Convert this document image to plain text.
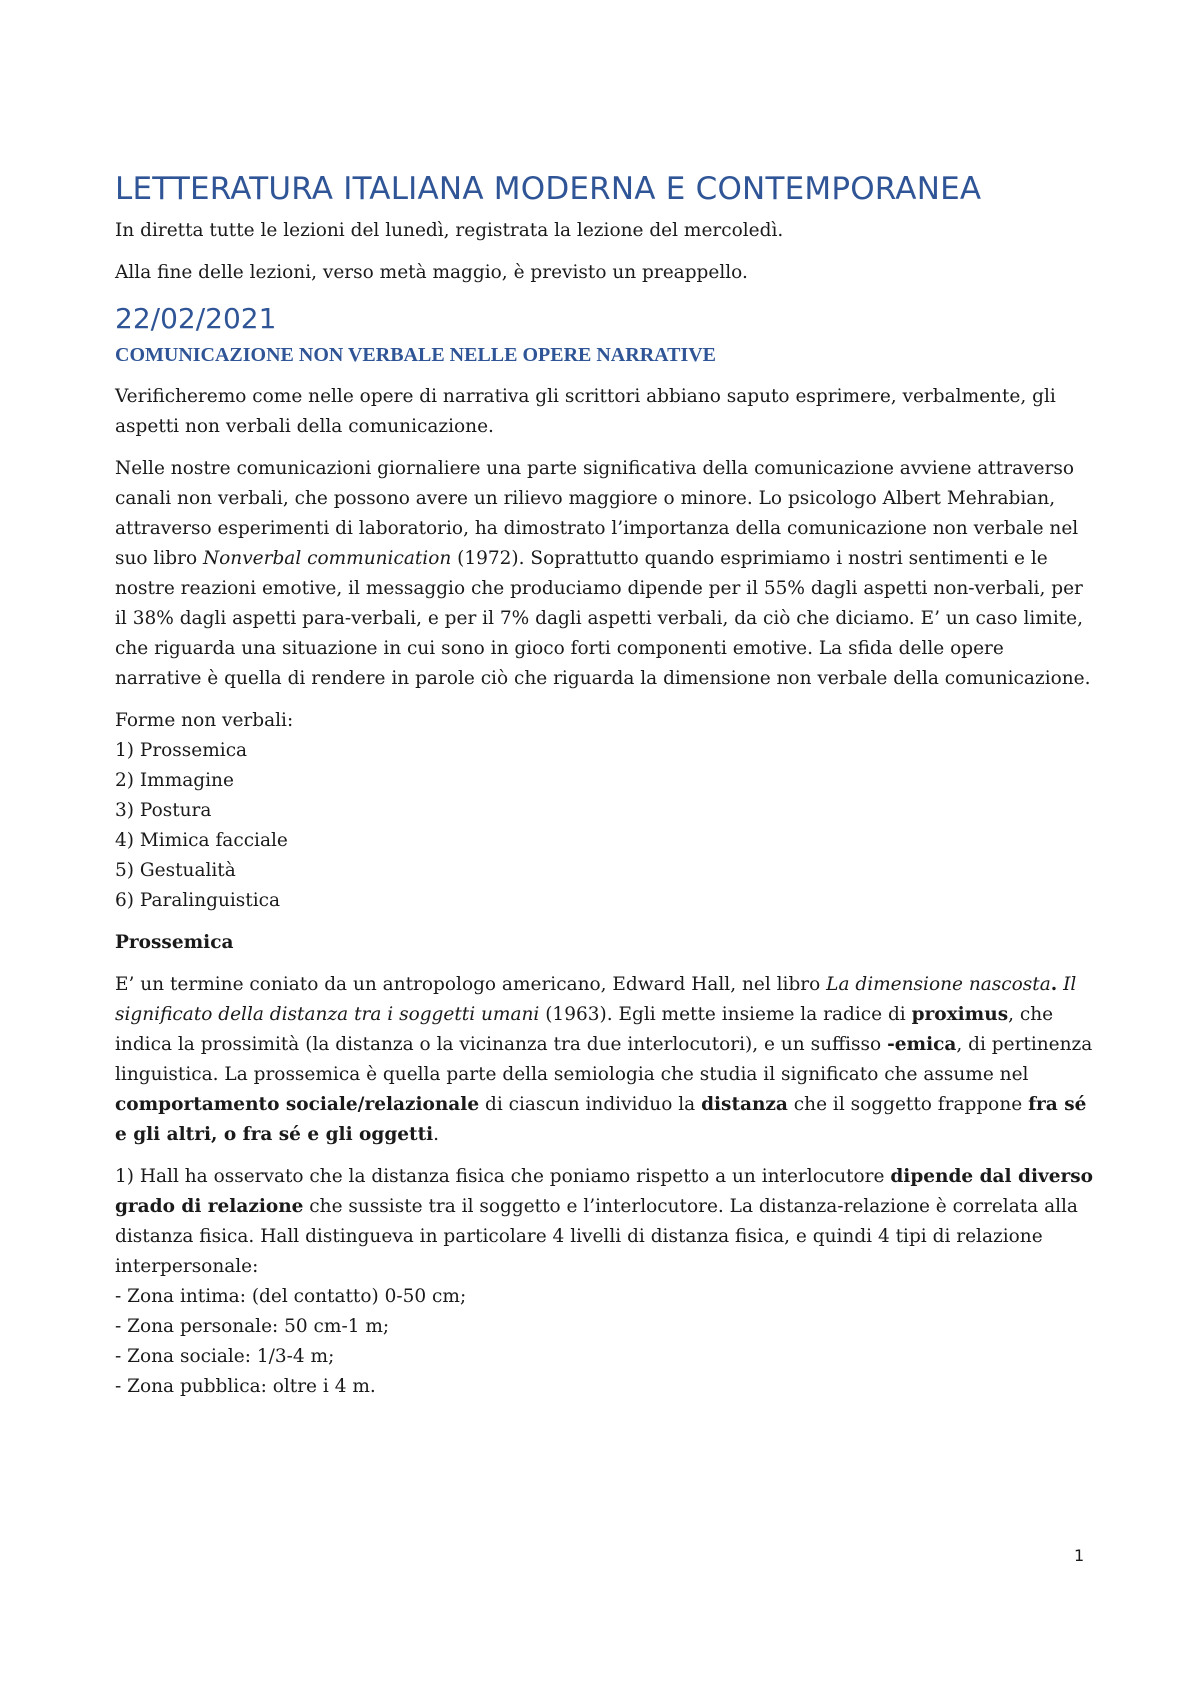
LETTERATURA ITALIANA MODERNA E CONTEMPORANEA

In diretta tutte le lezioni del lunedì, registrata la lezione del mercoledì.

Alla fine delle lezioni, verso metà maggio, è previsto un preappello.

22/02/2021
COMUNICAZIONE NON VERBALE NELLE OPERE NARRATIVE

Verificheremo come nelle opere di narrativa gli scrittori abbiano saputo esprimere, verbalmente, gli aspetti non verbali della comunicazione.

Nelle nostre comunicazioni giornaliere una parte significativa della comunicazione avviene attraverso canali non verbali, che possono avere un rilievo maggiore o minore. Lo psicologo Albert Mehrabian, attraverso esperimenti di laboratorio, ha dimostrato l’importanza della comunicazione non verbale nel suo libro Nonverbal communication (1972). Soprattutto quando esprimiamo i nostri sentimenti e le nostre reazioni emotive, il messaggio che produciamo dipende per il 55% dagli aspetti non-verbali, per il 38% dagli aspetti para-verbali, e per il 7% dagli aspetti verbali, da ciò che diciamo. E’ un caso limite, che riguarda una situazione in cui sono in gioco forti componenti emotive. La sfida delle opere narrative è quella di rendere in parole ciò che riguarda la dimensione non verbale della comunicazione.

Forme non verbali:
1) Prossemica
2) Immagine
3) Postura
4) Mimica facciale
5) Gestualità
6) Paralinguistica
Prossemica

E’ un termine coniato da un antropologo americano, Edward Hall, nel libro La dimensione nascosta. Il significato della distanza tra i soggetti umani (1963). Egli mette insieme la radice di proximus, che indica la prossimità (la distanza o la vicinanza tra due interlocutori), e un suffisso -emica, di pertinenza linguistica. La prossemica è quella parte della semiologia che studia il significato che assume nel comportamento sociale/relazionale di ciascun individuo la distanza che il soggetto frappone fra sé e gli altri, o fra sé e gli oggetti.

1) Hall ha osservato che la distanza fisica che poniamo rispetto a un interlocutore dipende dal diverso grado di relazione che sussiste tra il soggetto e l’interlocutore. La distanza-relazione è correlata alla distanza fisica. Hall distingueva in particolare 4 livelli di distanza fisica, e quindi 4 tipi di relazione interpersonale:
- Zona intima: (del contatto) 0-50 cm;
- Zona personale: 50 cm-1 m;
- Zona sociale: 1/3-4 m;
- Zona pubblica: oltre i 4 m.
1
